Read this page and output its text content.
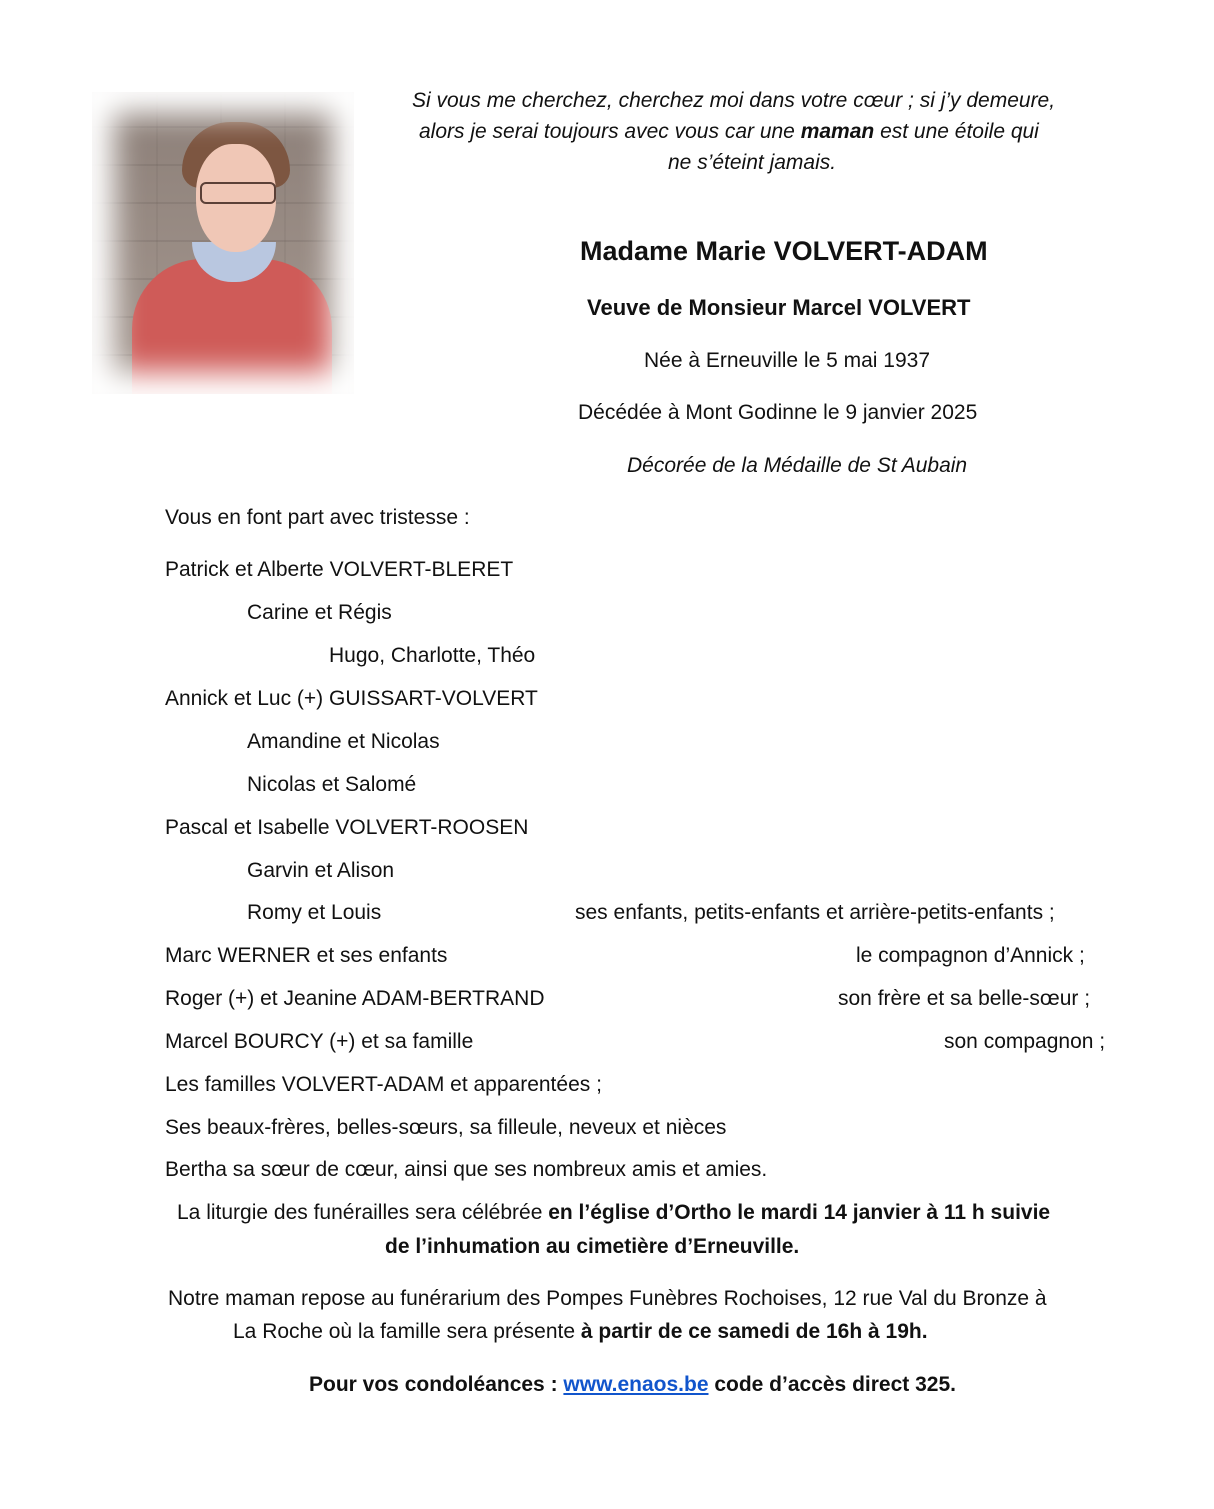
Si vous me cherchez, cherchez moi dans votre cœur ; si j’y demeure,
alors je serai toujours avec vous car une maman est une étoile qui
ne s’éteint jamais.
Madame Marie VOLVERT-ADAM
Veuve de Monsieur Marcel VOLVERT
Née à Erneuville le 5 mai 1937
Décédée à Mont Godinne le 9 janvier 2025
Décorée de la Médaille de St Aubain
Vous en font part avec tristesse :
Patrick et Alberte VOLVERT-BLERET
Carine et Régis
Hugo, Charlotte, Théo
Annick et Luc (+) GUISSART-VOLVERT
Amandine et Nicolas
Nicolas et Salomé
Pascal et Isabelle VOLVERT-ROOSEN
Garvin et Alison
Romy et Louis	ses enfants, petits-enfants et arrière-petits-enfants ;
Marc WERNER et ses enfants	le compagnon d’Annick ;
Roger (+) et Jeanine ADAM-BERTRAND	son frère et sa belle-sœur ;
Marcel BOURCY (+) et sa famille	son compagnon ;
Les familles VOLVERT-ADAM et apparentées ;
Ses beaux-frères, belles-sœurs, sa filleule, neveux et nièces
Bertha sa sœur de cœur, ainsi que ses nombreux amis et amies.
La liturgie des funérailles sera célébrée en l’église d’Ortho le mardi 14 janvier à 11 h suivie
de l’inhumation au cimetière d’Erneuville.
Notre maman repose au funérarium des Pompes Funèbres Rochoises, 12 rue Val du Bronze à
La Roche où la famille sera présente à partir de ce samedi de 16h à 19h.
Pour vos condoléances : www.enaos.be code d’accès direct 325.
